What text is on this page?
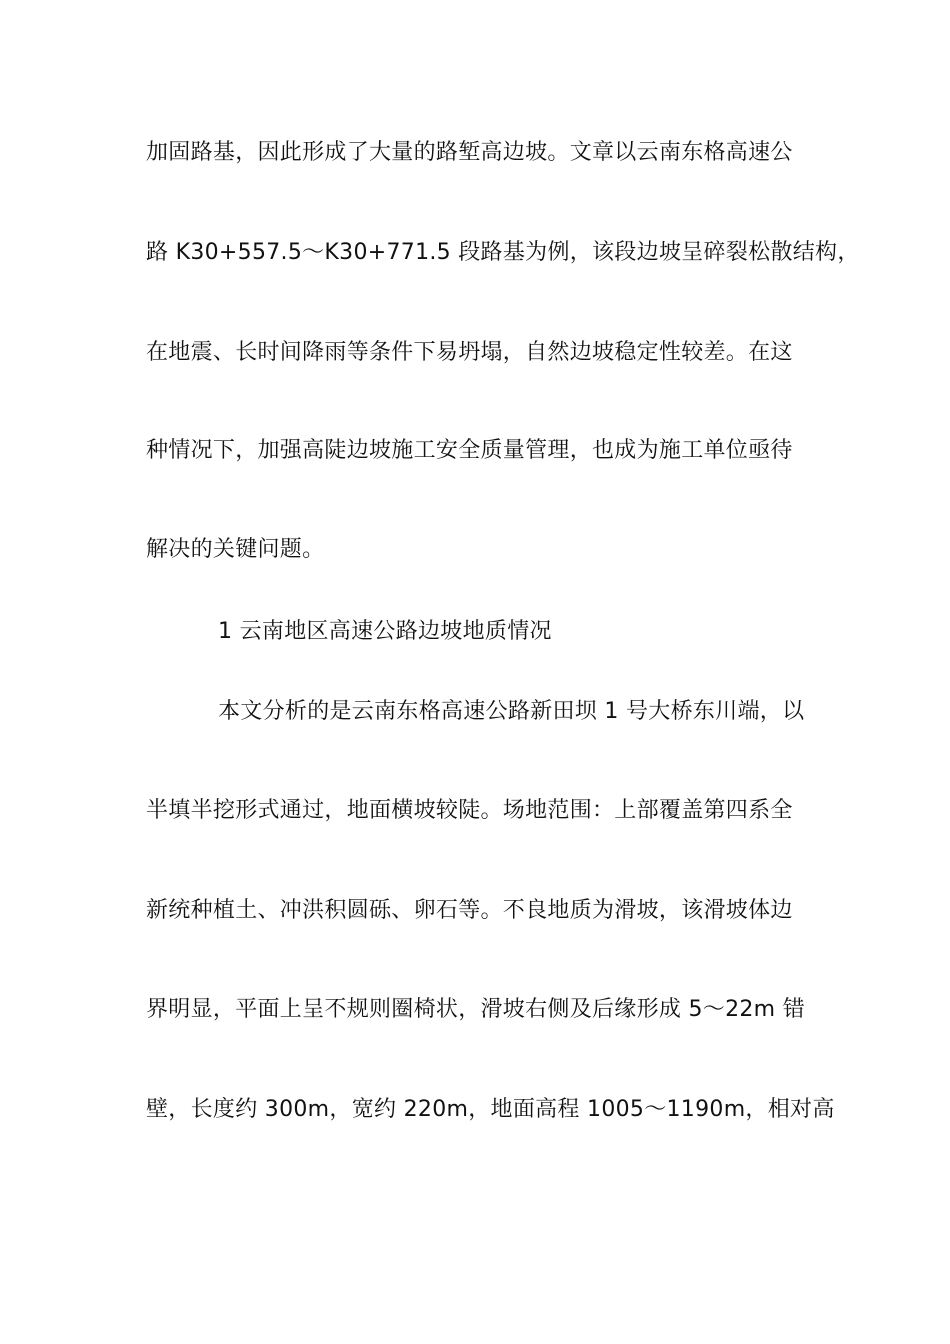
加固路基，因此形成了大量的路堑高边坡。文章以云南东格高速公
路 K30+557.5～K30+771.5 段路基为例，该段边坡呈碎裂松散结构，
在地震、长时间降雨等条件下易坍塌，自然边坡稳定性较差。在这
种情况下，加强高陡边坡施工安全质量管理，也成为施工单位亟待
解决的关键问题。
1 云南地区高速公路边坡地质情况
本文分析的是云南东格高速公路新田坝 1 号大桥东川端，以
半填半挖形式通过，地面横坡较陡。场地范围：上部覆盖第四系全
新统种植土、冲洪积圆砾、卵石等。不良地质为滑坡，该滑坡体边
界明显，平面上呈不规则圈椅状，滑坡右侧及后缘形成 5～22m 错
壁，长度约 300m，宽约 220m，地面高程 1005～1190m，相对高
